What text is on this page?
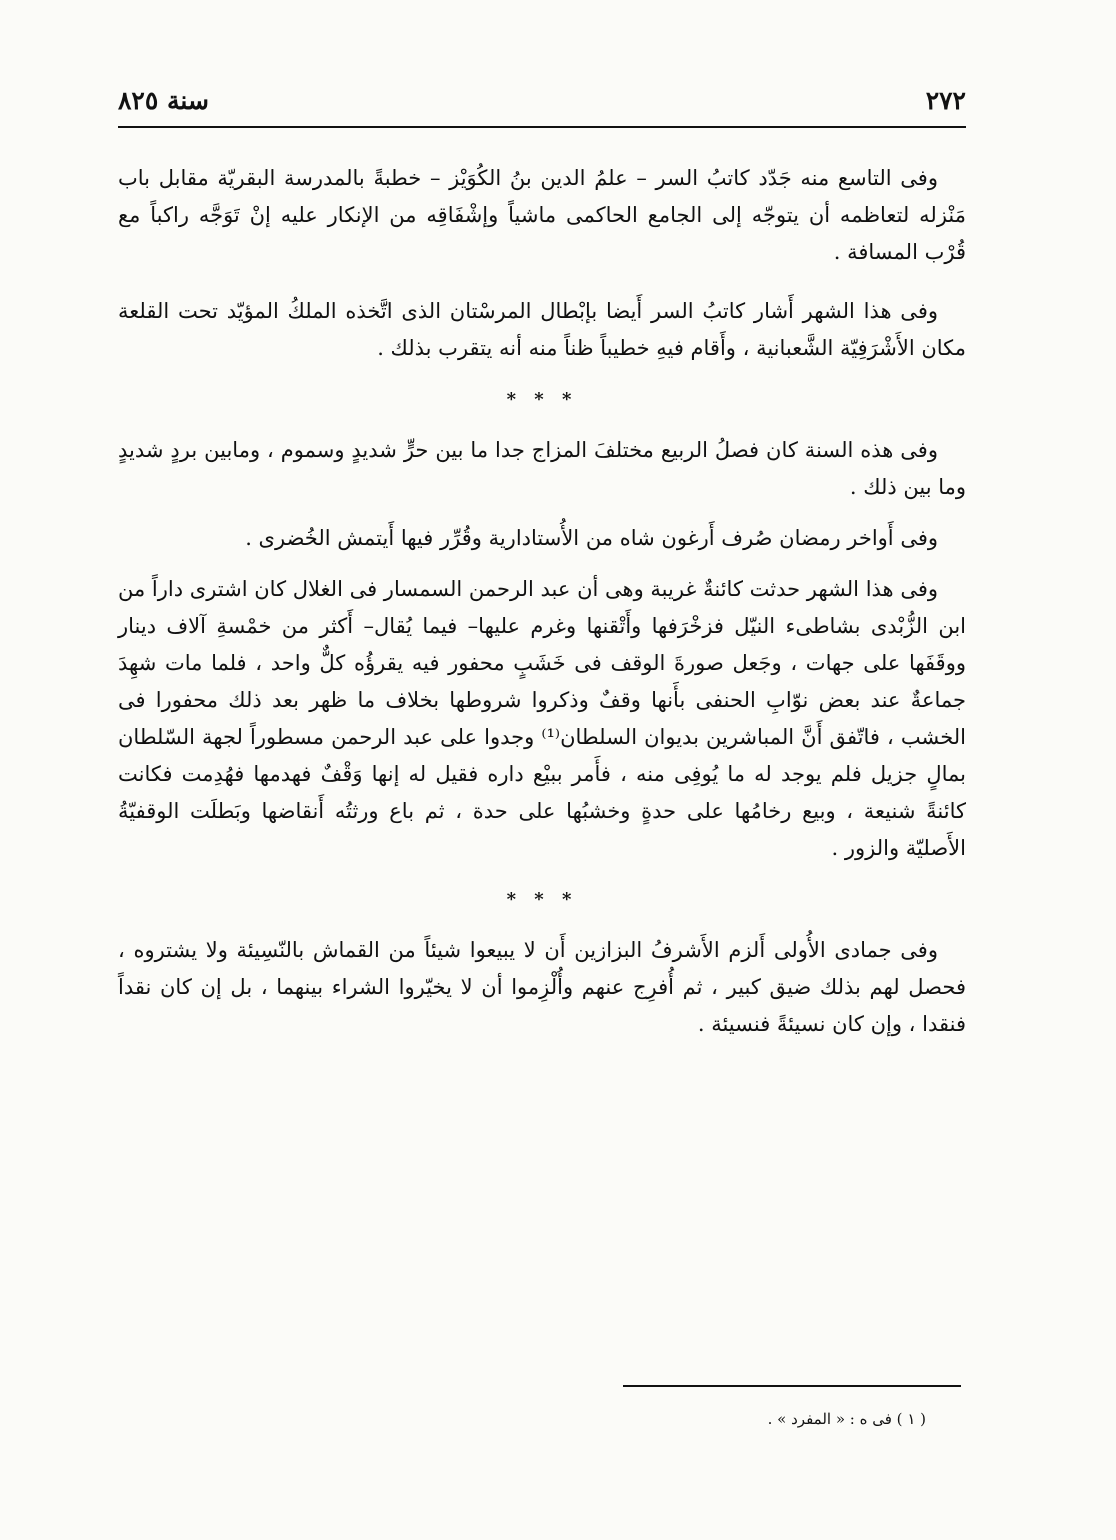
٢٧٢
سنة ٨٢٥

وفى التاسع منه جَدّد كاتبُ السر – علمُ الدين بنُ الكُوَيْز – خطبةً بالمدرسة البقريّة مقابل باب مَنْزله لتعاظمه أن يتوجّه إلى الجامع الحاكمى ماشياً وإشْفَاقِه من الإنكار عليه إنْ تَوَجَّه راكباً مع قُرْب المسافة .

وفى هذا الشهر أَشار كاتبُ السر أَيضا بإبْطال المرسْتان الذى اتَّخذه الملكُ المؤيّد تحت القلعة مكان الأَشْرَفِيّة الشَّعبانية ، وأَقام فيهِ خطيباً ظناً منه أنه يتقرب بذلك .

* * *

وفى هذه السنة كان فصلُ الربيع مختلفَ المزاج جدا ما بين حرٍّ شديدٍ وسموم ، ومابين بردٍ شديدٍ وما بين ذلك .

وفى أَواخر رمضان صُرف أَرغون شاه من الأُستادارية وقُرِّر فيها أَيتمش الخُضرى .

وفى هذا الشهر حدثت كائنةٌ غريبة وهى أن عبد الرحمن السمسار فى الغلال كان اشترى داراً من ابن الزُّبْدى بشاطىء النيّل فزخْرَفها وأَتْقنها وغرم عليها– فيما يُقال– أَكثر من خمْسةِ آلاف دينار ووقَفَها على جهات ، وجَعل صورةَ الوقف فى خَشَبٍ محفور فيه يقرؤُه كلٌّ واحد ، فلما مات شهِدَ جماعةٌ عند بعض نوّابِ الحنفى بأَنها وقفٌ وذكروا شروطها بخلاف ما ظهر بعد ذلك محفورا فى الخشب ، فاتّفق أَنَّ المباشرين بديوان السلطان⁽¹⁾ وجدوا على عبد الرحمن مسطوراً لجهة السّلطان بمالٍ جزيل فلم يوجد له ما يُوفِى منه ، فأَمر ببيْع داره فقيل له إنها وَقْفٌ فهدمها فهُدِمت فكانت كائنةً شنيعة ، وبيع رخامُها على حدةٍ وخشبُها على حدة ، ثم باع ورثتُه أَنقاضها وبَطلَت الوقفيّةُ الأَصليّة والزور .

* * *

وفى جمادى الأُولى أَلزم الأَشرفُ البزازين أَن لا يبيعوا شيئاً من القماش بالنّسِيئة ولا يشتروه ، فحصل لهم بذلك ضيق كبير ، ثم أُفرِج عنهم وأُلْزِموا أن لا يخيّروا الشراء بينهما ، بل إن كان نقداً فنقدا ، وإن كان نسيئةً فنسيئة .

( ١ ) فى ه : « المفرد » .
